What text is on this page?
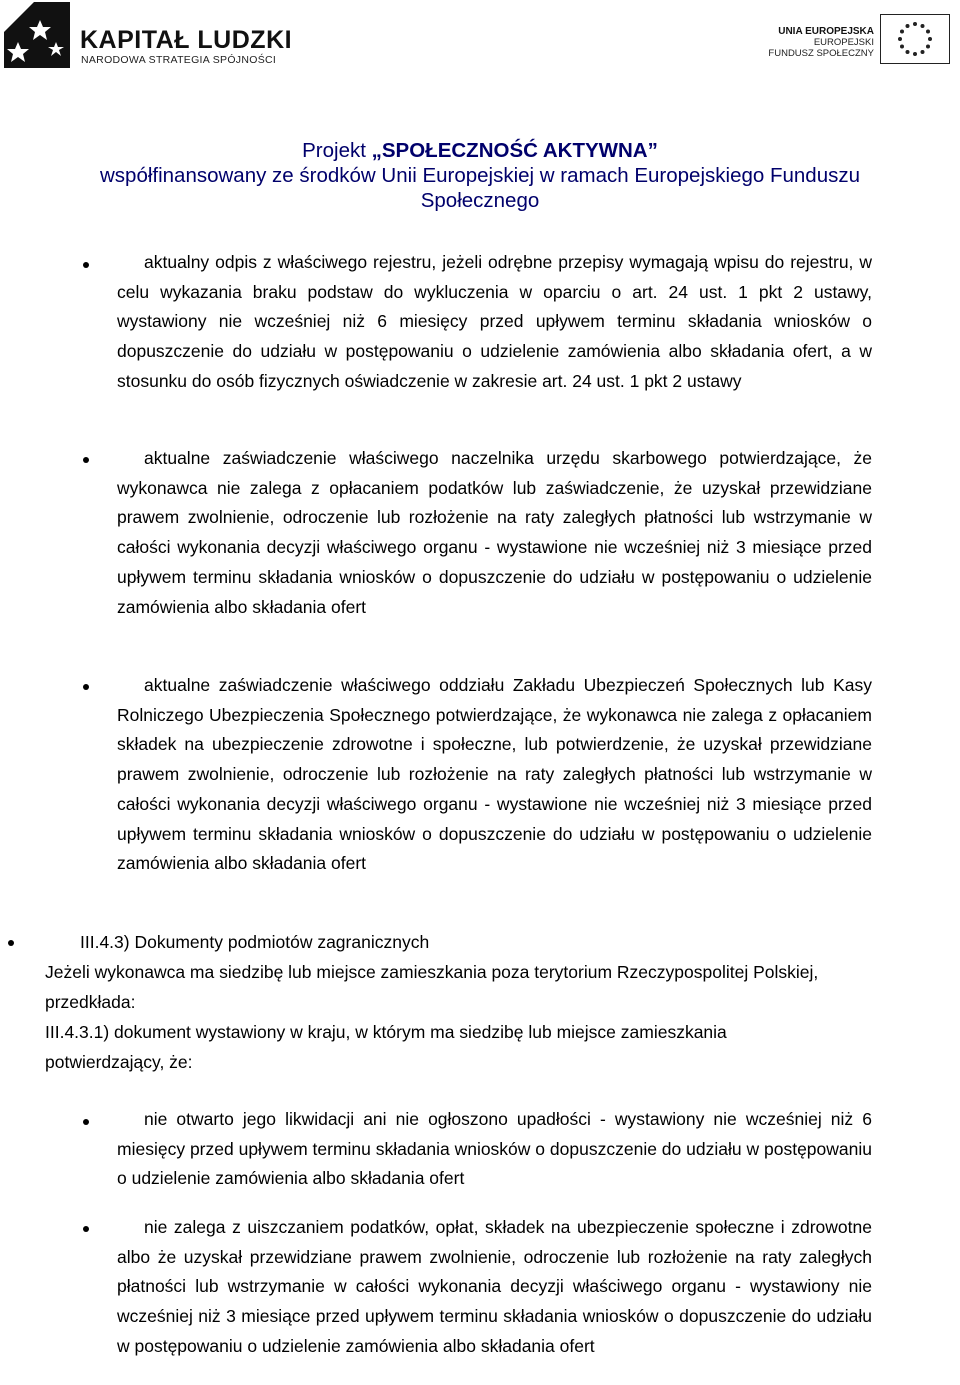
KAPITAŁ LUDZKI
NARODOWA STRATEGIA SPÓJNOŚCI
UNIA EUROPEJSKA
EUROPEJSKI
FUNDUSZ SPOŁECZNY
Projekt „SPOŁECZNOŚĆ AKTYWNA”
współfinansowany ze środków Unii Europejskiej w ramach Europejskiego Funduszu
Społecznego
aktualny odpis z właściwego rejestru, jeżeli odrębne przepisy wymagają wpisu do rejestru, w celu wykazania braku podstaw do wykluczenia w oparciu o art. 24 ust. 1 pkt 2 ustawy, wystawiony nie wcześniej niż 6 miesięcy przed upływem terminu składania wniosków o dopuszczenie do udziału w postępowaniu o udzielenie zamówienia albo składania ofert, a w stosunku do osób fizycznych oświadczenie w zakresie art. 24 ust. 1 pkt 2 ustawy
aktualne zaświadczenie właściwego naczelnika urzędu skarbowego potwierdzające, że wykonawca nie zalega z opłacaniem podatków lub zaświadczenie, że uzyskał przewidziane prawem zwolnienie, odroczenie lub rozłożenie na raty zaległych płatności lub wstrzymanie w całości wykonania decyzji właściwego organu - wystawione nie wcześniej niż 3 miesiące przed upływem terminu składania wniosków o dopuszczenie do udziału w postępowaniu o udzielenie zamówienia albo składania ofert
aktualne zaświadczenie właściwego oddziału Zakładu Ubezpieczeń Społecznych lub Kasy Rolniczego Ubezpieczenia Społecznego potwierdzające, że wykonawca nie zalega z opłacaniem składek na ubezpieczenie zdrowotne i społeczne, lub potwierdzenie, że uzyskał przewidziane prawem zwolnienie, odroczenie lub rozłożenie na raty zaległych płatności lub wstrzymanie w całości wykonania decyzji właściwego organu - wystawione nie wcześniej niż 3 miesiące przed upływem terminu składania wniosków o dopuszczenie do udziału w postępowaniu o udzielenie zamówienia albo składania ofert
III.4.3) Dokumenty podmiotów zagranicznych
Jeżeli wykonawca ma siedzibę lub miejsce zamieszkania poza terytorium Rzeczypospolitej Polskiej, przedkłada:
III.4.3.1) dokument wystawiony w kraju, w którym ma siedzibę lub miejsce zamieszkania potwierdzający, że:
nie otwarto jego likwidacji ani nie ogłoszono upadłości - wystawiony nie wcześniej niż 6 miesięcy przed upływem terminu składania wniosków o dopuszczenie do udziału w postępowaniu o udzielenie zamówienia albo składania ofert
nie zalega z uiszczaniem podatków, opłat, składek na ubezpieczenie społeczne i zdrowotne albo że uzyskał przewidziane prawem zwolnienie, odroczenie lub rozłożenie na raty zaległych płatności lub wstrzymanie w całości wykonania decyzji właściwego organu - wystawiony nie wcześniej niż 3 miesiące przed upływem terminu składania wniosków o dopuszczenie do udziału w postępowaniu o udzielenie zamówienia albo składania ofert
